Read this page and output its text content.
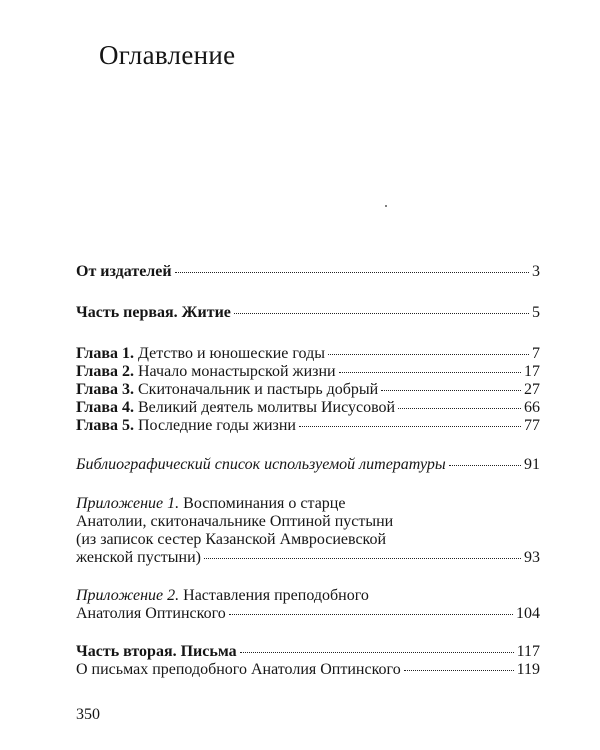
Оглавление
От издателей	3
Часть первая. Житие	5
Глава 1. Детство и юношеские годы	7
Глава 2. Начало монастырской жизни	17
Глава 3. Скитоначальник и пастырь добрый	27
Глава 4. Великий деятель молитвы Иисусовой	66
Глава 5. Последние годы жизни	77
Библиографический список используемой литературы	91
Приложение 1. Воспоминания о старце
Анатолии, скитоначальнике Оптиной пустыни
(из записок сестер Казанской Амвросиевской
женской пустыни)	93
Приложение 2. Наставления преподобного
Анатолия Оптинского	104
Часть вторая. Письма	117
О письмах преподобного Анатолия Оптинского	119
350
